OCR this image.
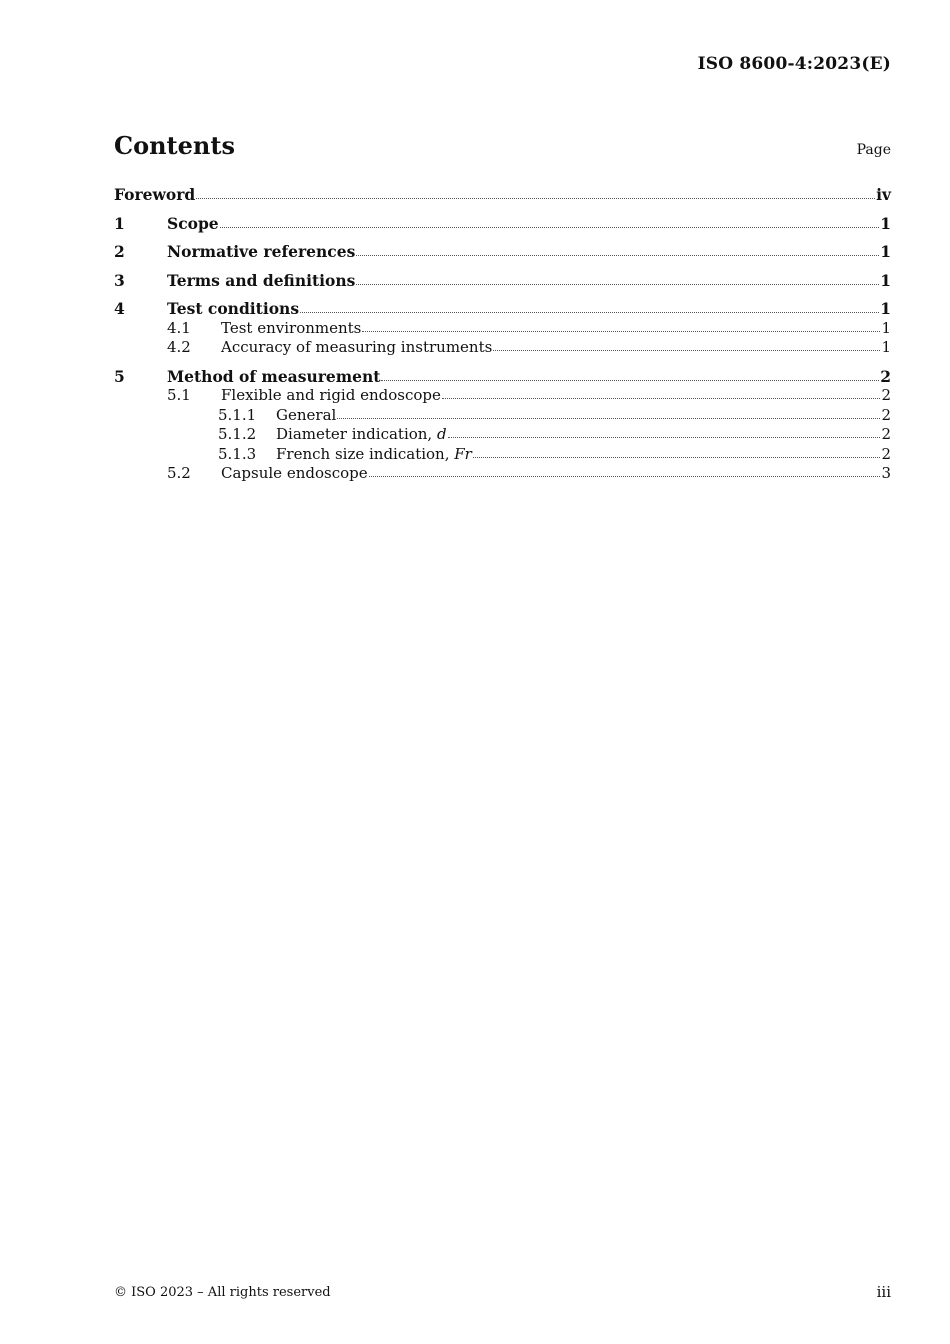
ISO 8600-4:2023(E)
Contents	Page
Foreword	iv
1	Scope	1
2	Normative references	1
3	Terms and definitions	1
4	Test conditions	1
4.1	Test environments	1
4.2	Accuracy of measuring instruments	1
5	Method of measurement	2
5.1	Flexible and rigid endoscope	2
5.1.1	General	2
5.1.2	Diameter indication, d	2
5.1.3	French size indication, Fr	2
5.2	Capsule endoscope	3
© ISO 2023 – All rights reserved	iii
